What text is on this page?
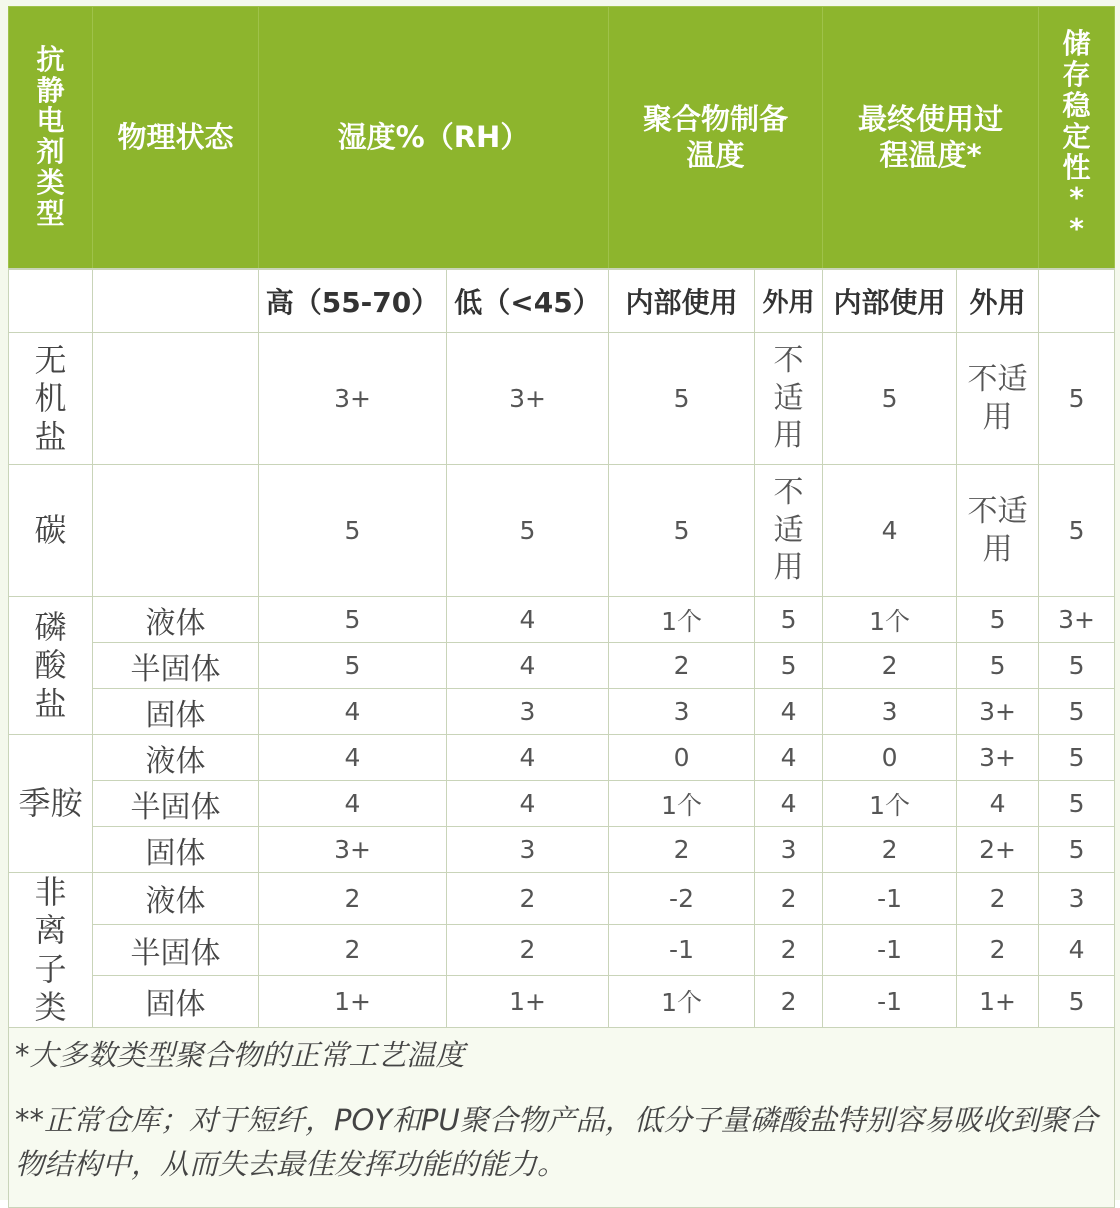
抗静电剂类型	物理状态	湿度%（RH）		聚合物制备温度		最终使用过程温度*		储存稳定性**

		高（55-70）	低（<45）	内部使用	外用	内部使用	外用	
无机盐		3+	3+	5	不适用	5	不适用	5
碳		5	5	5	不适用	4	不适用	5
磷酸盐	液体	5	4	1个	5	1个	5	3+
	半固体	5	4	2	5	2	5	5
	固体	4	3	3	4	3	3+	5
季胺	液体	4	4	0	4	0	3+	5
	半固体	4	4	1个	4	1个	4	5
	固体	3+	3	2	3	2	2+	5
非离子类	液体	2	2	-2	2	-1	2	3
	半固体	2	2	-1	2	-1	2	4
	固体	1+	1+	1个	2	-1	1+	5
*大多数类型聚合物的正常工艺温度
**正常仓库；对于短纤，POY和PU聚合物产品，低分子量磷酸盐特别容易吸收到聚合物结构中，从而失去最佳发挥功能的能力。								
